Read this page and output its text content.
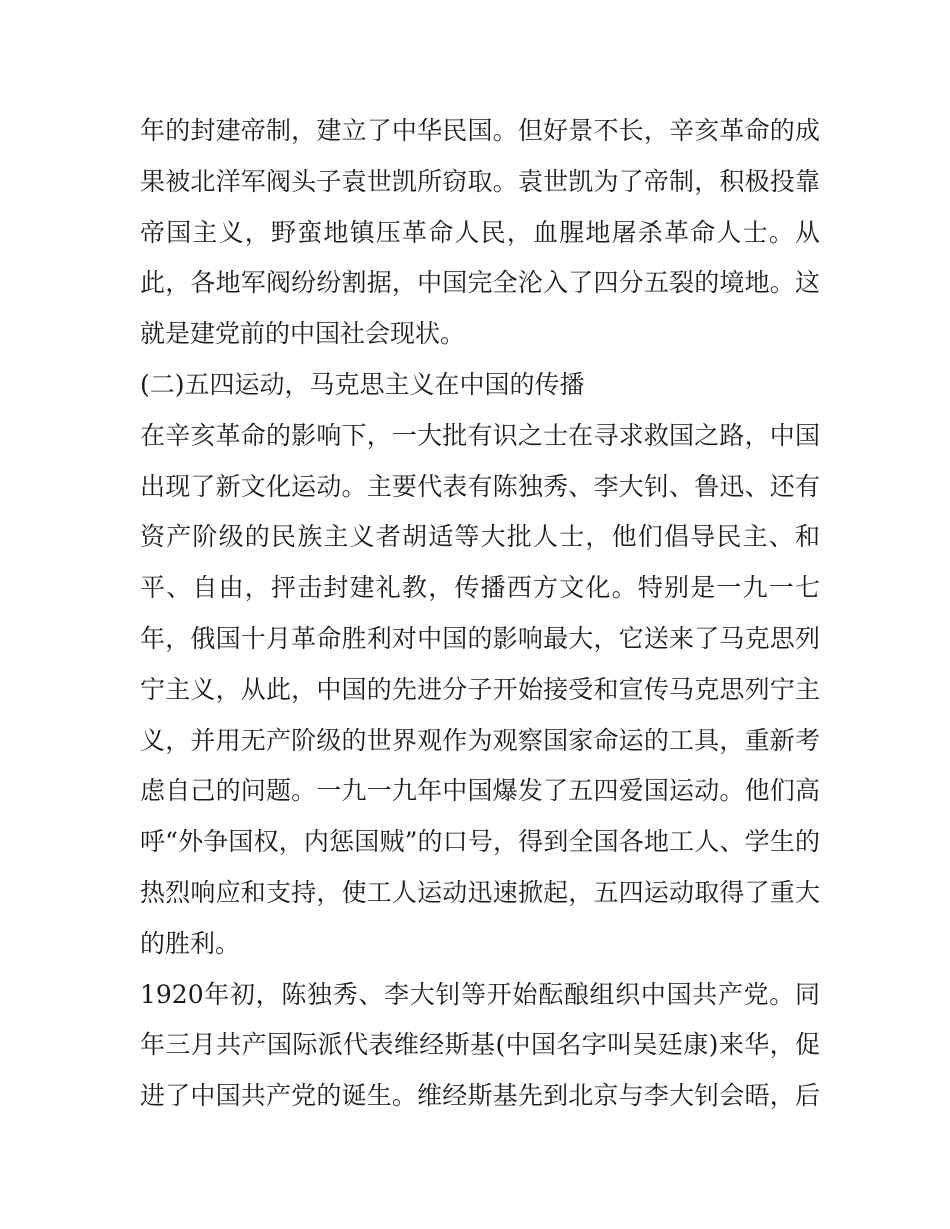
年的封建帝制，建立了中华民国。但好景不长，辛亥革命的成
果被北洋军阀头子袁世凯所窃取。袁世凯为了帝制，积极投靠
帝国主义，野蛮地镇压革命人民，血腥地屠杀革命人士。从
此，各地军阀纷纷割据，中国完全沦入了四分五裂的境地。这
就是建党前的中国社会现状。
(二)五四运动，马克思主义在中国的传播
在辛亥革命的影响下，一大批有识之士在寻求救国之路，中国
出现了新文化运动。主要代表有陈独秀、李大钊、鲁迅、还有
资产阶级的民族主义者胡适等大批人士，他们倡导民主、和
平、自由，抨击封建礼教，传播西方文化。特别是一九一七
年，俄国十月革命胜利对中国的影响最大，它送来了马克思列
宁主义，从此，中国的先进分子开始接受和宣传马克思列宁主
义，并用无产阶级的世界观作为观察国家命运的工具，重新考
虑自己的问题。一九一九年中国爆发了五四爱国运动。他们高
呼“外争国权，内惩国贼”的口号，得到全国各地工人、学生的
热烈响应和支持，使工人运动迅速掀起，五四运动取得了重大
的胜利。
1920年初，陈独秀、李大钊等开始酝酿组织中国共产党。同
年三月共产国际派代表维经斯基(中国名字叫吴廷康)来华，促
进了中国共产党的诞生。维经斯基先到北京与李大钊会晤，后
